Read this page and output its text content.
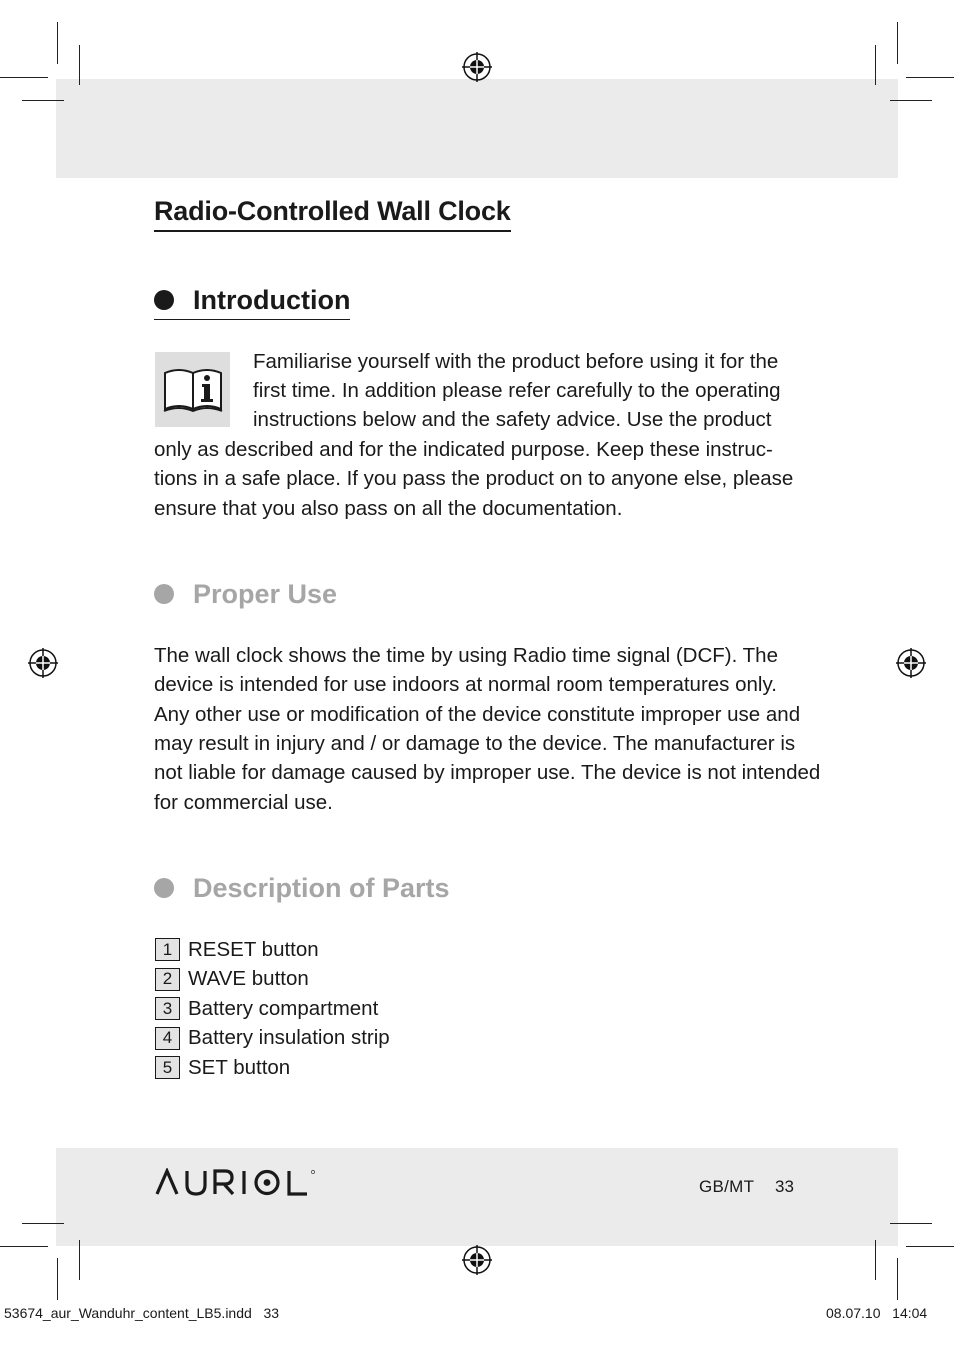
Radio-Controlled Wall Clock
Introduction

Familiarise yourself with the product before using it for the

first time. In addition please refer carefully to the operating

instructions below and the safety advice. Use the product

only as described and for the indicated purpose. Keep these instruc-

tions in a safe place. If you pass the product on to anyone else, please

ensure that you also pass on all the documentation.

Proper Use

The wall clock shows the time by using Radio time signal (DCF). The

device is intended for use indoors at normal room temperatures only.

Any other use or modification of the device constitute improper use and

may result in injury and / or damage to the device. The manufacturer is

not liable for damage caused by improper use. The device is not intended

for commercial use.

Description of Parts
1 RESET button
2 WAVE button
3 Battery compartment
4 Battery insulation strip
5 SET button
GB/MT 33
53674_aur_Wanduhr_content_LB5.indd   33	08.07.10   14:04
